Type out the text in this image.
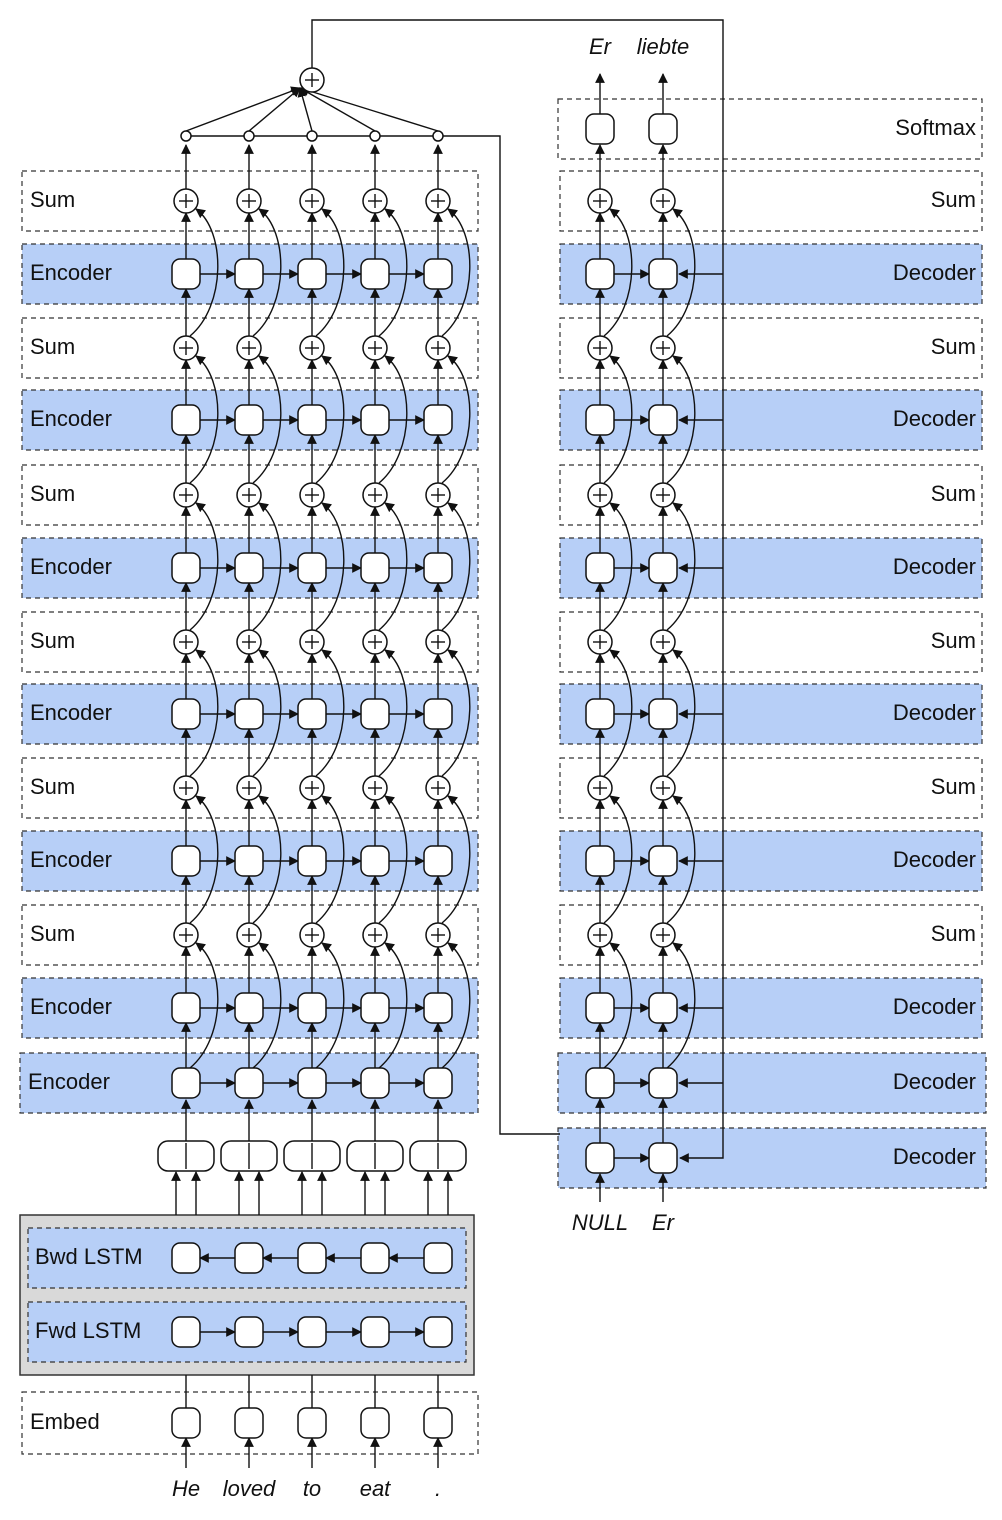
Sum
Sum
Sum
Sum
Sum
Sum
Encoder
Encoder
Encoder
Encoder
Encoder
Encoder
Encoder
Embed
Bwd LSTM
Fwd LSTM
He loved to eat .
Softmax
Sum
Sum
Sum
Sum
Sum
Sum
Decoder
Decoder
Decoder
Decoder
Decoder
Decoder
Decoder
Decoder
NULL
Er
Er
liebte
